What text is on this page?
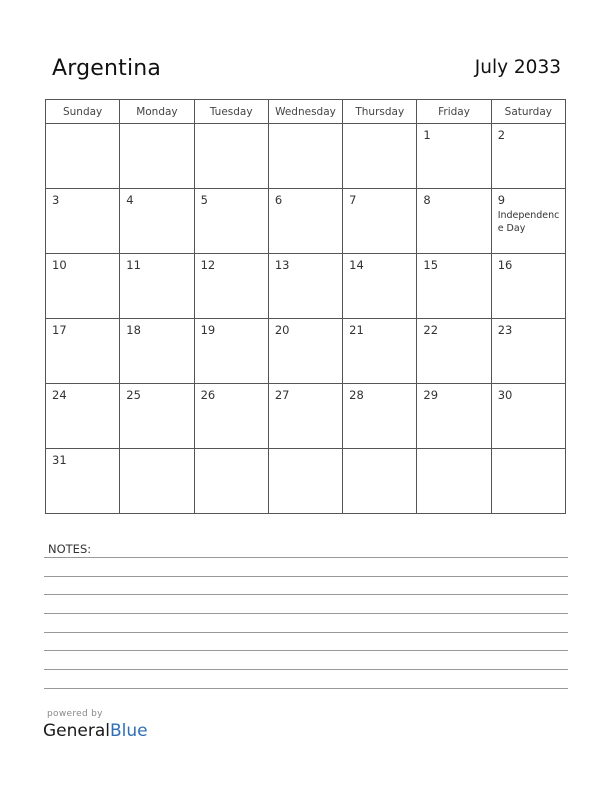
Argentina	July 2033
Sunday	Monday	Tuesday	Wednesday	Thursday	Friday	Saturday

					1	2

3	4	5	6	7	8	9
Independence Day

10	11	12	13	14	15	16

17	18	19	20	21	22	23

24	25	26	27	28	29	30

31						

NOTES:
powered by
GeneralBlue
